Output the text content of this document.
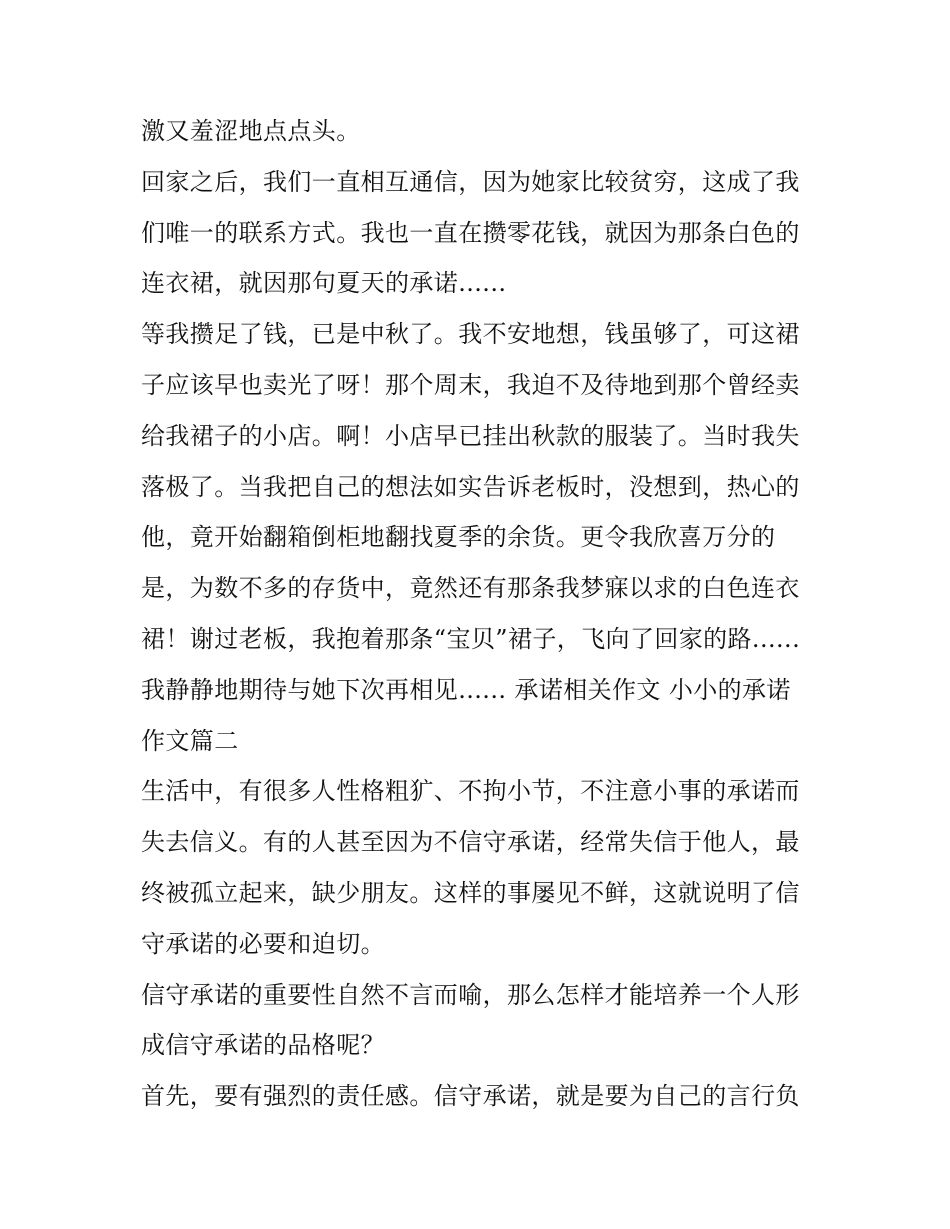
激又羞涩地点点头。
回家之后，我们一直相互通信，因为她家比较贫穷，这成了我
们唯一的联系方式。我也一直在攒零花钱，就因为那条白色的
连衣裙，就因那句夏天的承诺......
等我攒足了钱，已是中秋了。我不安地想，钱虽够了，可这裙
子应该早也卖光了呀！那个周末，我迫不及待地到那个曾经卖
给我裙子的小店。啊！小店早已挂出秋款的服装了。当时我失
落极了。当我把自己的想法如实告诉老板时，没想到，热心的
他，竟开始翻箱倒柜地翻找夏季的余货。更令我欣喜万分的
是，为数不多的存货中，竟然还有那条我梦寐以求的白色连衣
裙！谢过老板，我抱着那条“宝贝”裙子，飞向了回家的路......
我静静地期待与她下次再相见...... 承诺相关作文 小小的承诺
作文篇二
生活中，有很多人性格粗犷、不拘小节，不注意小事的承诺而
失去信义。有的人甚至因为不信守承诺，经常失信于他人，最
终被孤立起来，缺少朋友。这样的事屡见不鲜，这就说明了信
守承诺的必要和迫切。
信守承诺的重要性自然不言而喻，那么怎样才能培养一个人形
成信守承诺的品格呢？
首先，要有强烈的责任感。信守承诺，就是要为自己的言行负
